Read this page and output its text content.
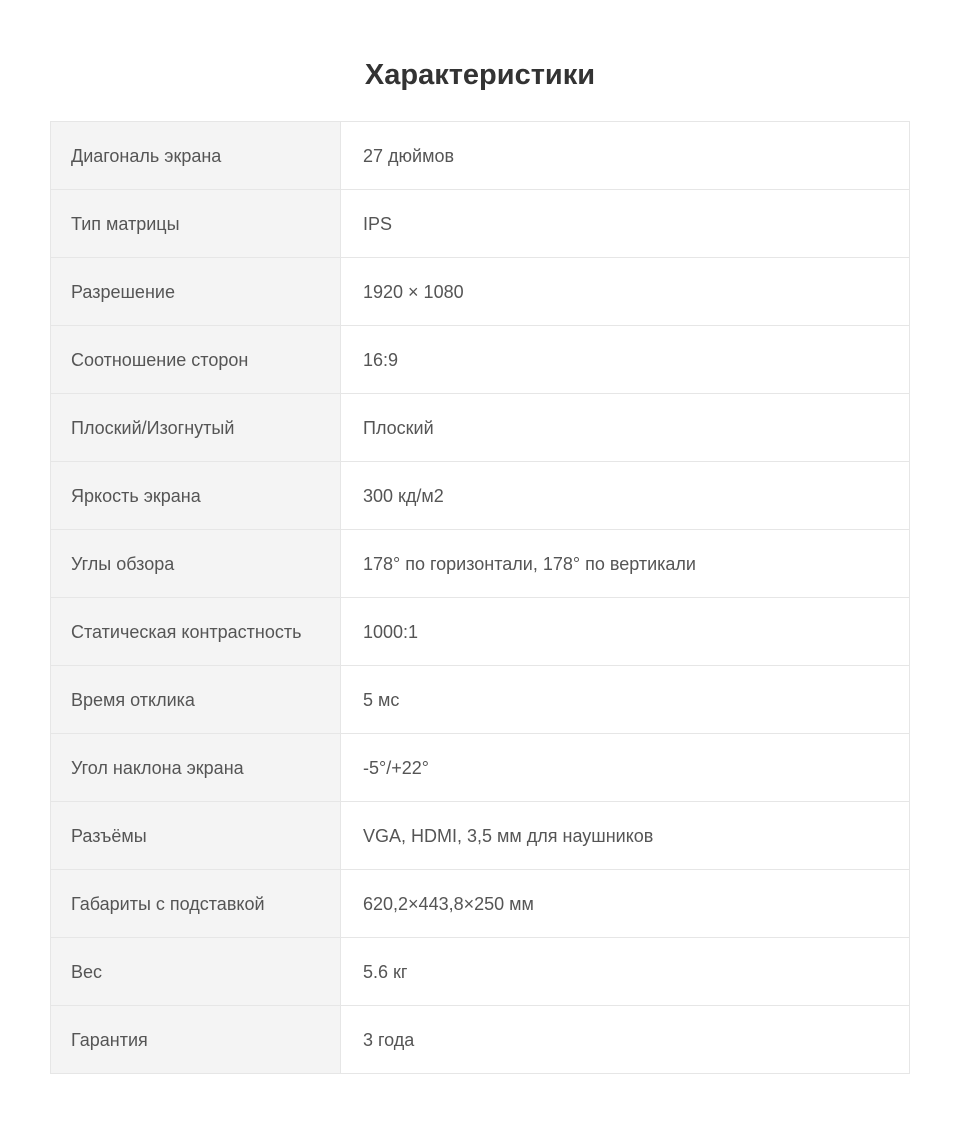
Характеристики
Диагональ экрана	27 дюймов
Тип матрицы	IPS
Разрешение	1920 × 1080
Соотношение сторон	16:9
Плоский/Изогнутый	Плоский
Яркость экрана	300 кд/м2
Углы обзора	178° по горизонтали, 178° по вертикали
Статическая контрастность	1000:1
Время отклика	5 мс
Угол наклона экрана	-5°/+22°
Разъёмы	VGA, HDMI, 3,5 мм для наушников
Габариты с подставкой	620,2×443,8×250 мм
Вес	5.6 кг
Гарантия	3 года
